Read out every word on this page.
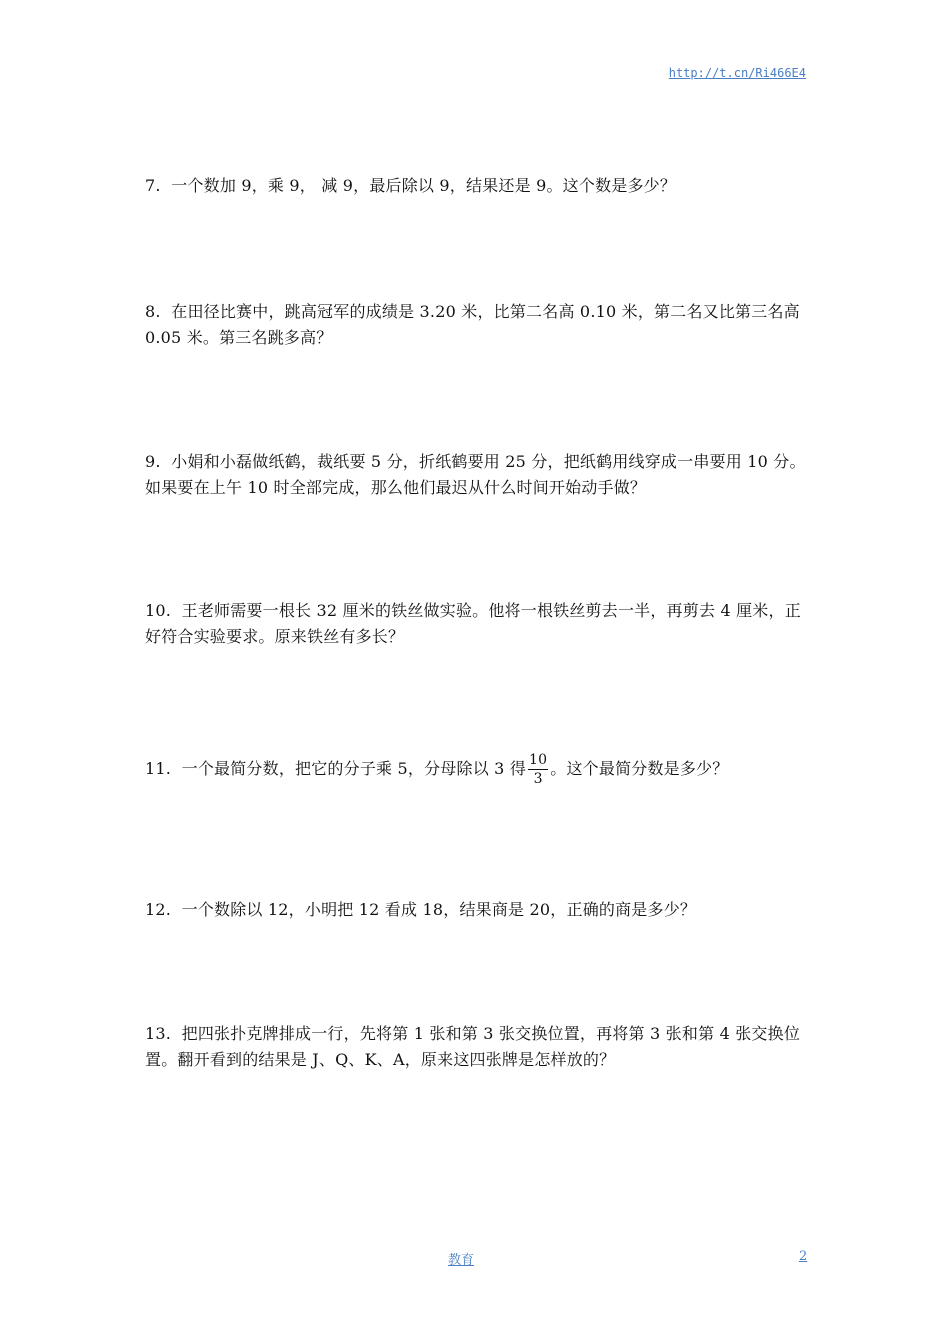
http://t.cn/Ri466E4
7. 一个数加 9，乘 9， 减 9，最后除以 9，结果还是 9。这个数是多少？
8. 在田径比赛中，跳高冠军的成绩是 3.20 米，比第二名高 0.10 米，第二名又比第三名高 0.05 米。第三名跳多高？
9. 小娟和小磊做纸鹤，裁纸要 5 分，折纸鹤要用 25 分，把纸鹤用线穿成一串要用 10 分。如果要在上午 10 时全部完成，那么他们最迟从什么时间开始动手做？
10. 王老师需要一根长 32 厘米的铁丝做实验。他将一根铁丝剪去一半，再剪去 4 厘米，正好符合实验要求。原来铁丝有多长？
11. 一个最简分数，把它的分子乘 5，分母除以 3 得 $\frac{10}{3}$ 。这个最简分数是多少？
12. 一个数除以 12，小明把 12 看成 18，结果商是 20，正确的商是多少？
13. 把四张扑克牌排成一行，先将第 1 张和第 3 张交换位置，再将第 3 张和第 4 张交换位置。翻开看到的结果是 J、Q、K、A，原来这四张牌是怎样放的？
教育	2
